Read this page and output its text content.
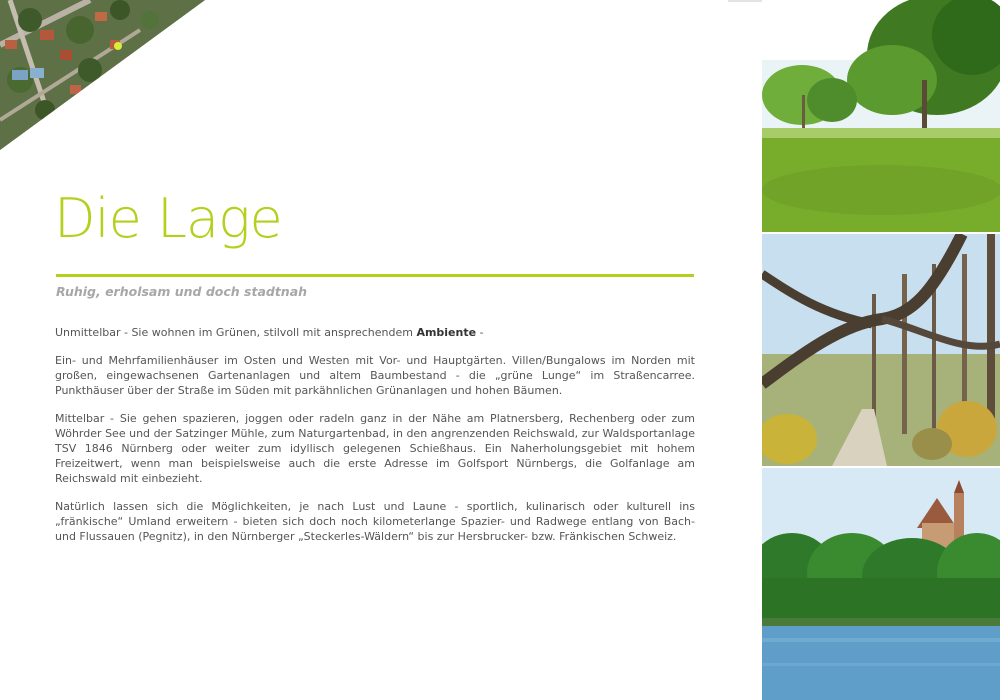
Die Lage
Ruhig, erholsam und doch stadtnah

Unmittelbar - Sie wohnen im Grünen, stilvoll mit ansprechendem Ambiente -

Ein- und Mehrfamilienhäuser im Osten und Westen mit Vor- und Hauptgärten. Villen/Bungalows im Norden mit großen, eingewachsenen Gartenanlagen und altem Baumbestand - die „grüne Lunge“ im Straßencarree. Punkthäuser über der Straße im Süden mit parkähnlichen Grünanlagen und hohen Bäumen.

Mittelbar - Sie gehen spazieren, joggen oder radeln ganz in der Nähe am Platnersberg, Rechenberg oder zum Wöhrder See und der Satzinger Mühle, zum Naturgartenbad, in den angrenzenden Reichswald, zur Waldsportanlage TSV 1846 Nürnberg oder weiter zum idyllisch gelegenen Schießhaus. Ein Naherholungsgebiet mit hohem Freizeitwert, wenn man beispielsweise auch die erste Adresse im Golfsport Nürnbergs, die Golfanlage am Reichswald mit einbezieht.

Natürlich lassen sich die Möglichkeiten, je nach Lust und Laune - sportlich, kulinarisch oder kulturell ins „fränkische“ Umland erweitern - bieten sich doch noch kilometerlange Spazier- und Radwege entlang von Bach- und Flussauen (Pegnitz), in den Nürnberger „Steckerles-Wäldern“ bis zur Hersbrucker- bzw. Fränkischen Schweiz.
